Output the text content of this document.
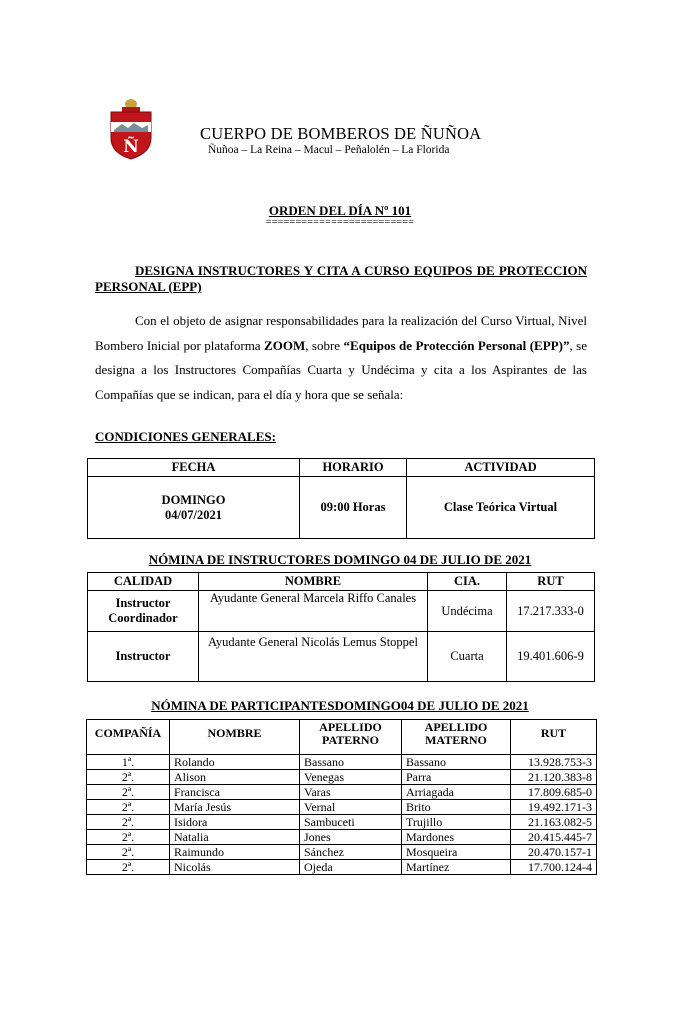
Ñ
CUERPO DE BOMBEROS DE ÑUÑOA
Ñuñoa – La Reina – Macul – Peñalolén – La Florida
ORDEN DEL DÍA Nº 101
=========================
DESIGNA INSTRUCTORES Y CITA A CURSO EQUIPOS DE PROTECCION PERSONAL (EPP)
Con el objeto de asignar responsabilidades para la realización del Curso Virtual, Nivel Bombero Inicial por plataforma ZOOM, sobre “Equipos de Protección Personal (EPP)”, se designa a los Instructores Compañías Cuarta y Undécima y cita a los Aspirantes de las Compañías que se indican, para el día y hora que se señala:
CONDICIONES GENERALES:
FECHA	HORARIO	ACTIVIDAD

DOMINGO
04/07/2021	09:00 Horas	Clase Teórica Virtual
NÓMINA DE INSTRUCTORES DOMINGO 04 DE JULIO DE 2021
CALIDAD	NOMBRE	CIA.	RUT
Instructor Coordinador	Ayudante General Marcela Riffo Canales	Undécima	17.217.333-0
Instructor	Ayudante General Nicolás Lemus Stoppel	Cuarta	19.401.606-9
NÓMINA DE PARTICIPANTESDOMINGO04 DE JULIO DE 2021
COMPAÑÍA	NOMBRE	APELLIDO PATERNO	APELLIDO MATERNO	RUT
1ª.	Rolando	Bassano	Bassano	13.928.753-3
2ª.	Alison	Venegas	Parra	21.120.383-8
2ª.	Francisca	Varas	Arriagada	17.809.685-0
2ª.	María Jesús	Vernal	Brito	19.492.171-3
2ª.	Isidora	Sambuceti	Trujillo	21.163.082-5
2ª.	Natalia	Jones	Mardones	20.415.445-7
2ª.	Raimundo	Sánchez	Mosqueira	20.470.157-1
2ª.	Nicolás	Ojeda	Martínez	17.700.124-4
